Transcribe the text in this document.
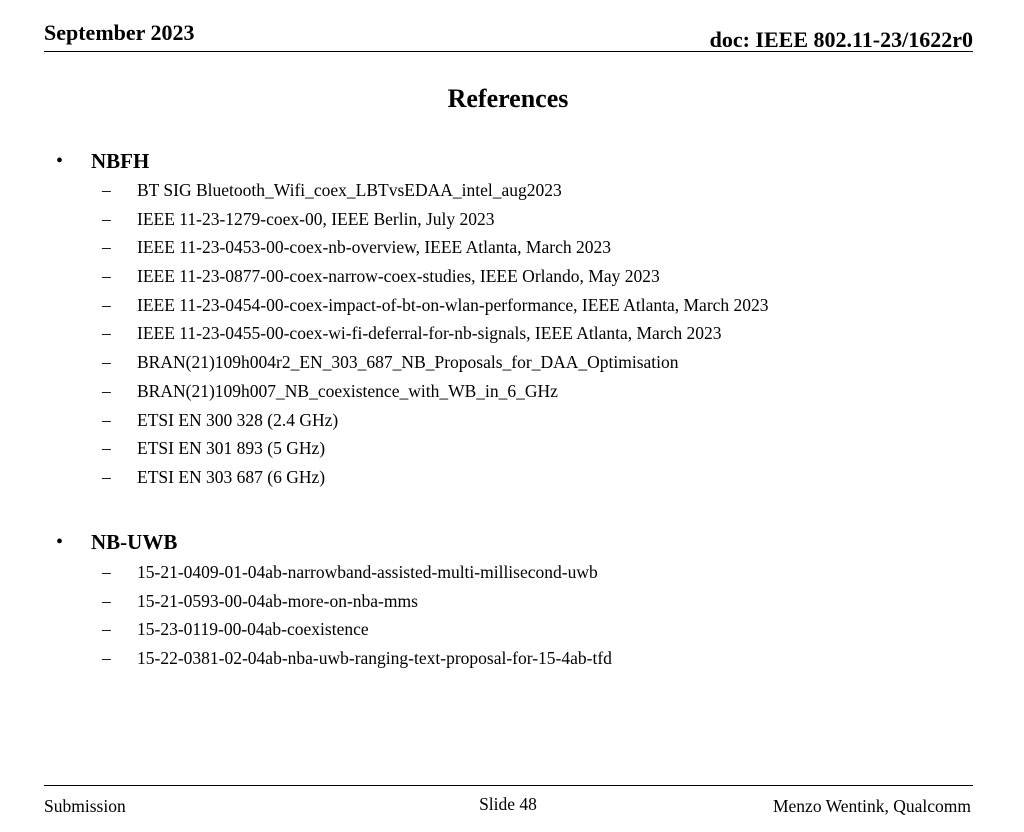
September 2023	doc: IEEE 802.11-23/1622r0
References
• NBFH
– BT SIG Bluetooth_Wifi_coex_LBTvsEDAA_intel_aug2023
– IEEE 11-23-1279-coex-00, IEEE Berlin, July 2023
– IEEE 11-23-0453-00-coex-nb-overview, IEEE Atlanta, March 2023
– IEEE 11-23-0877-00-coex-narrow-coex-studies, IEEE Orlando, May 2023
– IEEE 11-23-0454-00-coex-impact-of-bt-on-wlan-performance, IEEE Atlanta, March 2023
– IEEE 11-23-0455-00-coex-wi-fi-deferral-for-nb-signals, IEEE Atlanta, March 2023
– BRAN(21)109h004r2_EN_303_687_NB_Proposals_for_DAA_Optimisation
– BRAN(21)109h007_NB_coexistence_with_WB_in_6_GHz
– ETSI EN 300 328 (2.4 GHz)
– ETSI EN 301 893 (5 GHz)
– ETSI EN 303 687 (6 GHz)
• NB-UWB
– 15-21-0409-01-04ab-narrowband-assisted-multi-millisecond-uwb
– 15-21-0593-00-04ab-more-on-nba-mms
– 15-23-0119-00-04ab-coexistence
– 15-22-0381-02-04ab-nba-uwb-ranging-text-proposal-for-15-4ab-tfd
Submission	Slide 48	Menzo Wentink, Qualcomm
